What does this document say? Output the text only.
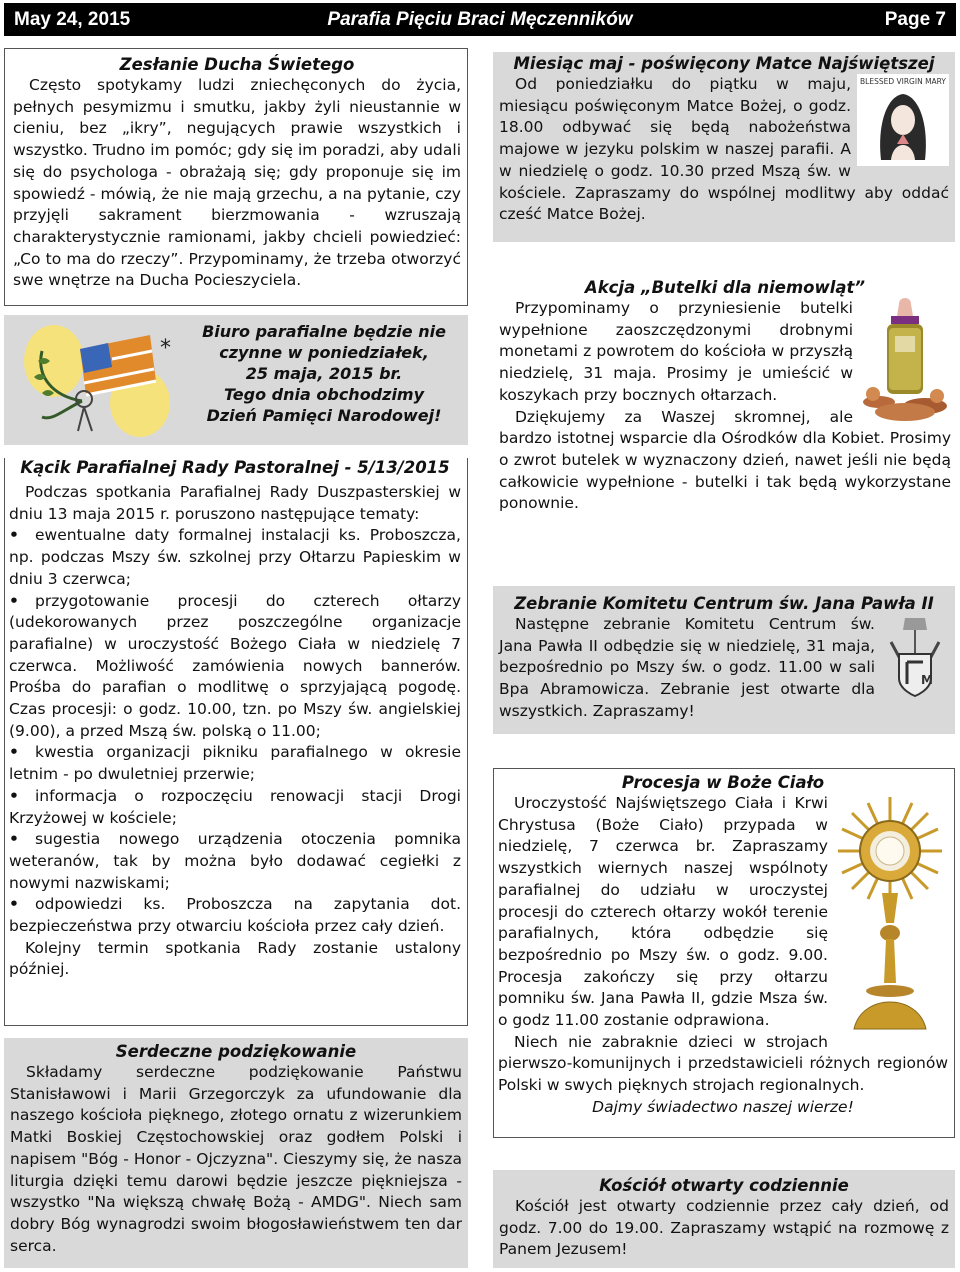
Parafia Pięciu Braci Męczenników
May 24, 2015	Page 7
Zesłanie Ducha Świetego

Często spotykamy ludzi zniechęconych do życia, pełnych pesymizmu i smutku, jakby żyli nieustannie w cieniu, bez „ikry”, negujących prawie wszystkich i wszystko. Trudno im pomóc; gdy się im poradzi, aby udali się do psychologa - obrażają się; gdy proponuje się im spowiedź - mówią, że nie mają grzechu, a na pytanie, czy przyjęli sakrament bierzmowania - wzruszają charakterystycznie ramionami, jakby chcieli powiedzieć: „Co to ma do rzeczy”. Przypominamy, że trzeba otworzyć swe wnętrze na Ducha Pocieszyciela.

*
Biuro parafialne będzie nie
czynne w poniedziałek,
25 maja, 2015 br.
Tego dnia obchodzimy
Dzień Pamięci Narodowej!
Kącik Parafialnej Rady Pastoralnej - 5/13/2015

Podczas spotkania Parafialnej Rady Duszpasterskiej w dniu 13 maja 2015 r. poruszono następujące tematy:

• ewentualne daty formalnej instalacji ks. Proboszcza, np. podczas Mszy św. szkolnej przy Ołtarzu Papieskim w dniu 3 czerwca;
• przygotowanie procesji do czterech ołtarzy (udekorowanych przez poszczególne organizacje parafialne) w uroczystość Bożego Ciała w niedzielę 7 czerwca. Możliwość zamówienia nowych bannerów. Prośba do parafian o modlitwę o sprzyjającą pogodę. Czas procesji: o godz. 10.00, tzn. po Mszy św. angielskiej (9.00), a przed Mszą św. polską o 11.00;
• kwestia organizacji pikniku parafialnego w okresie letnim - po dwuletniej przerwie;
• informacja o rozpoczęciu renowacji stacji Drogi Krzyżowej w kościele;
• sugestia nowego urządzenia otoczenia pomnika weteranów, tak by można było dodawać cegiełki z nowymi nazwiskami;
• odpowiedzi ks. Proboszcza na zapytania dot. bezpieczeństwa przy otwarciu kościoła przez cały dzień.

Kolejny termin spotkania Rady zostanie ustalony później.

Serdeczne podziękowanie

Składamy serdeczne podziękowanie Państwu Stanisławowi i Marii Grzegorczyk za ufundowanie dla naszego kościoła pięknego, złotego ornatu z wizerunkiem Matki Boskiej Częstochowskiej oraz godłem Polski i napisem "Bóg - Honor - Ojczyzna". Cieszymy się, że nasza liturgia dzięki temu darowi będzie jeszcze piękniejsza - wszystko "Na większą chwałę Bożą - AMDG". Niech sam dobry Bóg wynagrodzi swoim błogosławieństwem ten dar serca.

Miesiąc maj - poświęcony Matce Najświętszej
BLESSED VIRGIN MARY

Od poniedziałku do piątku w maju, miesiącu poświęconym Matce Bożej, o godz. 18.00 odbywać się będą nabożeństwa majowe w jezyku polskim w naszej parafii. A w niedzielę o godz. 10.30 przed Mszą św. w kościele. Zapraszamy do wspólnej modlitwy aby oddać cześć Matce Bożej.

Akcja „Butelki dla niemowląt”

Przypominamy o przyniesienie butelki wypełnione zaoszczędzonymi drobnymi monetami z powrotem do kościoła w przyszłą niedzielę, 31 maja. Prosimy je umieścić w koszykach przy bocznych ołtarzach.

Dziękujemy za Waszej skromnej, ale bardzo istotnej wsparcie dla Ośrodków dla Kobiet. Prosimy o zwrot butelek w wyznaczony dzień, nawet jeśli nie będą całkowicie wypełnione - butelki i tak będą wykorzystane ponownie.

Zebranie Komitetu Centrum św. Jana Pawła II
M

Następne zebranie Komitetu Centrum św. Jana Pawła II odbędzie się w niedzielę, 31 maja, bezpośrednio po Mszy św. o godz. 11.00 w sali Bpa Abramowicza. Zebranie jest otwarte dla wszystkich. Zapraszamy!

Procesja w Boże Ciało

Uroczystość Najświętszego Ciała i Krwi Chrystusa (Boże Ciało) przypada w niedzielę, 7 czerwca br. Zapraszamy wszystkich wiernych naszej wspólnoty parafialnej do udziału w uroczystej procesji do czterech ołtarzy wokół terenie parafialnych, która odbędzie się bezpośrednio po Mszy św. o godz. 9.00. Procesja zakończy się przy ołtarzu pomniku św. Jana Pawła II, gdzie Msza św. o godz 11.00 zostanie odprawiona.

Niech nie zabraknie dzieci w strojach pierwszo-komunijnych i przedstawicieli różnych regionów Polski w swych pięknych strojach regionalnych.

Dajmy świadectwo naszej wierze!

Kościół otwarty codziennie

Kościół jest otwarty codziennie przez cały dzień, od godz. 7.00 do 19.00. Zapraszamy wstąpić na rozmowę z Panem Jezusem!
